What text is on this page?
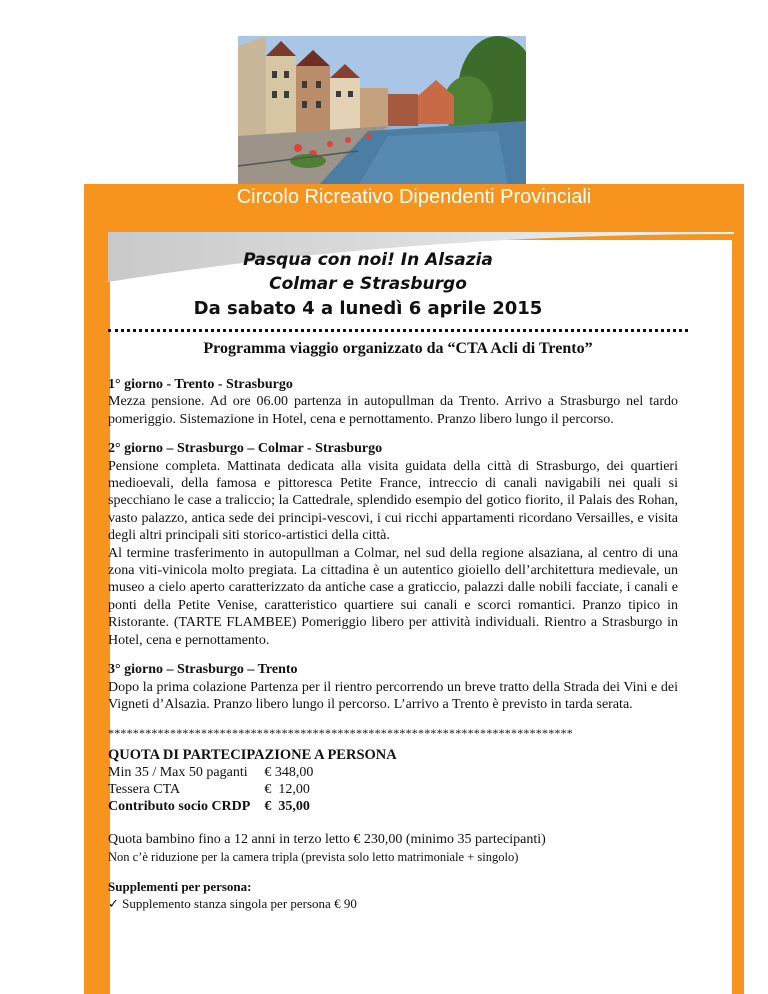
Circolo Ricreativo Dipendenti Provinciali
Pasqua con noi! In Alsazia
Colmar e Strasburgo
Da sabato 4 a lunedì 6 aprile 2015
Programma viaggio organizzato da “CTA Acli di Trento”

1° giorno - Trento - Strasburgo
Mezza pensione. Ad ore 06.00 partenza in autopullman da Trento. Arrivo a Strasburgo nel tardo pomeriggio. Sistemazione in Hotel, cena e pernottamento. Pranzo libero lungo il percorso.

2° giorno – Strasburgo – Colmar - Strasburgo
Pensione completa. Mattinata dedicata alla visita guidata della città di Strasburgo, dei quartieri medioevali, della famosa e pittoresca Petite France, intreccio di canali navigabili nei quali si specchiano le case a traliccio; la Cattedrale, splendido esempio del gotico fiorito, il Palais des Rohan, vasto palazzo, antica sede dei principi-vescovi, i cui ricchi appartamenti ricordano Versailles, e visita degli altri principali siti storico-artistici della città.

Al termine trasferimento in autopullman a Colmar, nel sud della regione alsaziana, al centro di una zona viti-vinicola molto pregiata. La cittadina è un autentico gioiello dell’architettura medievale, un museo a cielo aperto caratterizzato da antiche case a graticcio, palazzi dalle nobili facciate, i canali e ponti della Petite Venise, caratteristico quartiere sui canali e scorci romantici. Pranzo tipico in Ristorante. (TARTE FLAMBEE) Pomeriggio libero per attività individuali. Rientro a Strasburgo in Hotel, cena e pernottamento.

3° giorno – Strasburgo – Trento
Dopo la prima colazione Partenza per il rientro percorrendo un breve tratto della Strada dei Vini e dei Vigneti d’Alsazia. Pranzo libero lungo il percorso. L’arrivo a Trento è previsto in tarda serata.

***************************************************************************
QUOTA DI PARTECIPAZIONE A PERSONA
Min 35 / Max 50 paganti	€ 348,00
Tessera CTA	€  12,00
Contributo socio CRDP	€  35,00
Quota bambino fino a 12 anni in terzo letto € 230,00 (minimo 35 partecipanti)
Non c’è riduzione per la camera tripla (prevista solo letto matrimoniale + singolo)
Supplementi per persona:
✓ Supplemento stanza singola per persona € 90
